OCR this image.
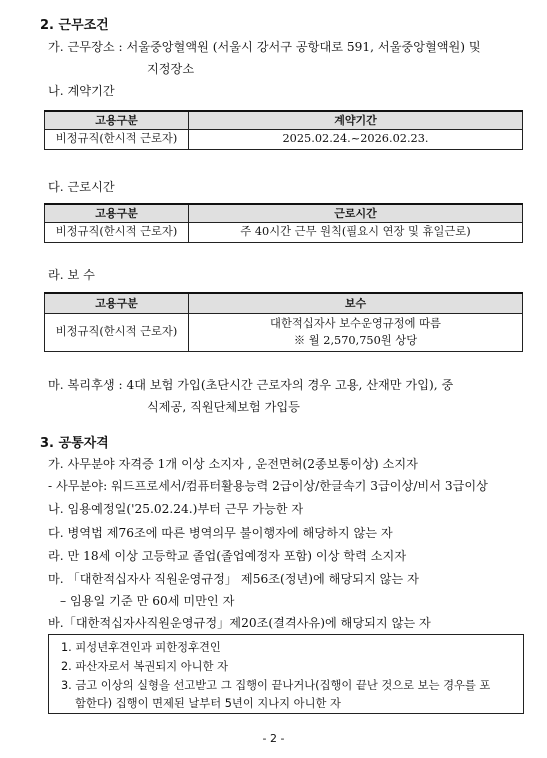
2. 근무조건
가. 근무장소 : 서울중앙혈액원 (서울시 강서구 공항대로 591, 서울중앙혈액원) 및
지정장소
나. 계약기간
고용구분	계약기간
비정규직(한시적 근로자)	2025.02.24.~2026.02.23.
다. 근로시간
고용구분	근로시간
비정규직(한시적 근로자)	주 40시간 근무 원칙(필요시 연장 및 휴일근로)
라. 보 수
고용구분	보수
비정규직(한시적 근로자)	대한적십자사 보수운영규정에 따름
※ 월 2,570,750원 상당
마. 복리후생 : 4대 보험 가입(초단시간 근로자의 경우 고용, 산재만 가입), 중
식제공, 직원단체보험 가입등
3. 공통자격
가. 사무분야 자격증 1개 이상 소지자 , 운전면허(2종보통이상) 소지자
- 사무분야: 워드프로세서/컴퓨터활용능력 2급이상/한글속기 3급이상/비서 3급이상
나. 임용예정일('25.02.24.)부터 근무 가능한 자
다. 병역법 제76조에 따른 병역의무 불이행자에 해당하지 않는 자
라. 만 18세 이상 고등학교 졸업(졸업예정자 포함) 이상 학력 소지자
마. 「대한적십자사 직원운영규정」 제56조(정년)에 해당되지 않는 자
– 임용일 기준 만 60세 미만인 자
바.「대한적십자사직원운영규정」제20조(결격사유)에 해당되지 않는 자
1. 피성년후견인과 피한정후견인
2. 파산자로서 복권되지 아니한 자
3. 금고 이상의 실형을 선고받고 그 집행이 끝나거나(집행이 끝난 것으로 보는 경우를 포
함한다) 집행이 면제된 날부터 5년이 지나지 아니한 자
- 2 -
